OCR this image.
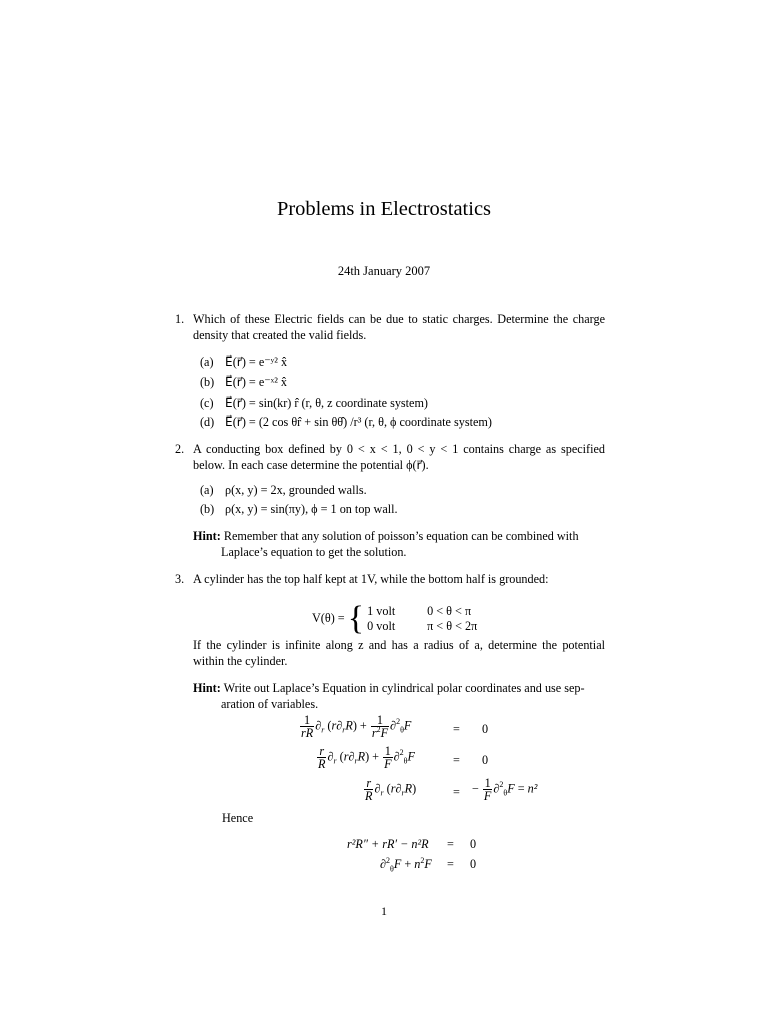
Problems in Electrostatics
24th January 2007
1. Which of these Electric fields can be due to static charges. Determine the charge density that created the valid fields.
(a) E⃗(r⃗) = e⁻ʸ² x̂
(b) E⃗(r⃗) = e⁻ˣ² x̂
(c) E⃗(r⃗) = sin(kr) r̂ (r, θ, z coordinate system)
(d) E⃗(r⃗) = (2 cos θr̂ + sin θθ̂) /r³ (r, θ, ϕ coordinate system)
2. A conducting box defined by 0 < x < 1, 0 < y < 1 contains charge as specified below. In each case determine the potential ϕ(r⃗).
(a) ρ(x, y) = 2x, grounded walls.
(b) ρ(x, y) = sin(πy), ϕ = 1 on top wall.
Hint: Remember that any solution of poisson’s equation can be combined with
Laplace’s equation to get the solution.
3. A cylinder has the top half kept at 1V, while the bottom half is grounded:
V(θ) = { 1 volt	0 < θ < π
0 volt	π < θ < 2π
If the cylinder is infinite along z and has a radius of a, determine the potential within the cylinder.
Hint: Write out Laplace’s Equation in cylindrical polar coordinates and use sep-
aration of variables.
$\frac{1}{rR} \partial_r$ $(r\partial_rR) + \frac{1}{r^2F} \partial^2_\theta F$	= 0
$\frac{r}{R} \partial_r$ $(r\partial_rR) + \frac{1}{F} \partial^2_\theta F$	= 0
$\frac{r}{R} \partial_r$ $(r\partial_rR)$	= − $\frac{1}{F} \partial^2_\theta F = n^2$
Hence
r²R″ + rR′ − n²R = 0
$\partial^2_\theta F + n^2F = 0$
1
